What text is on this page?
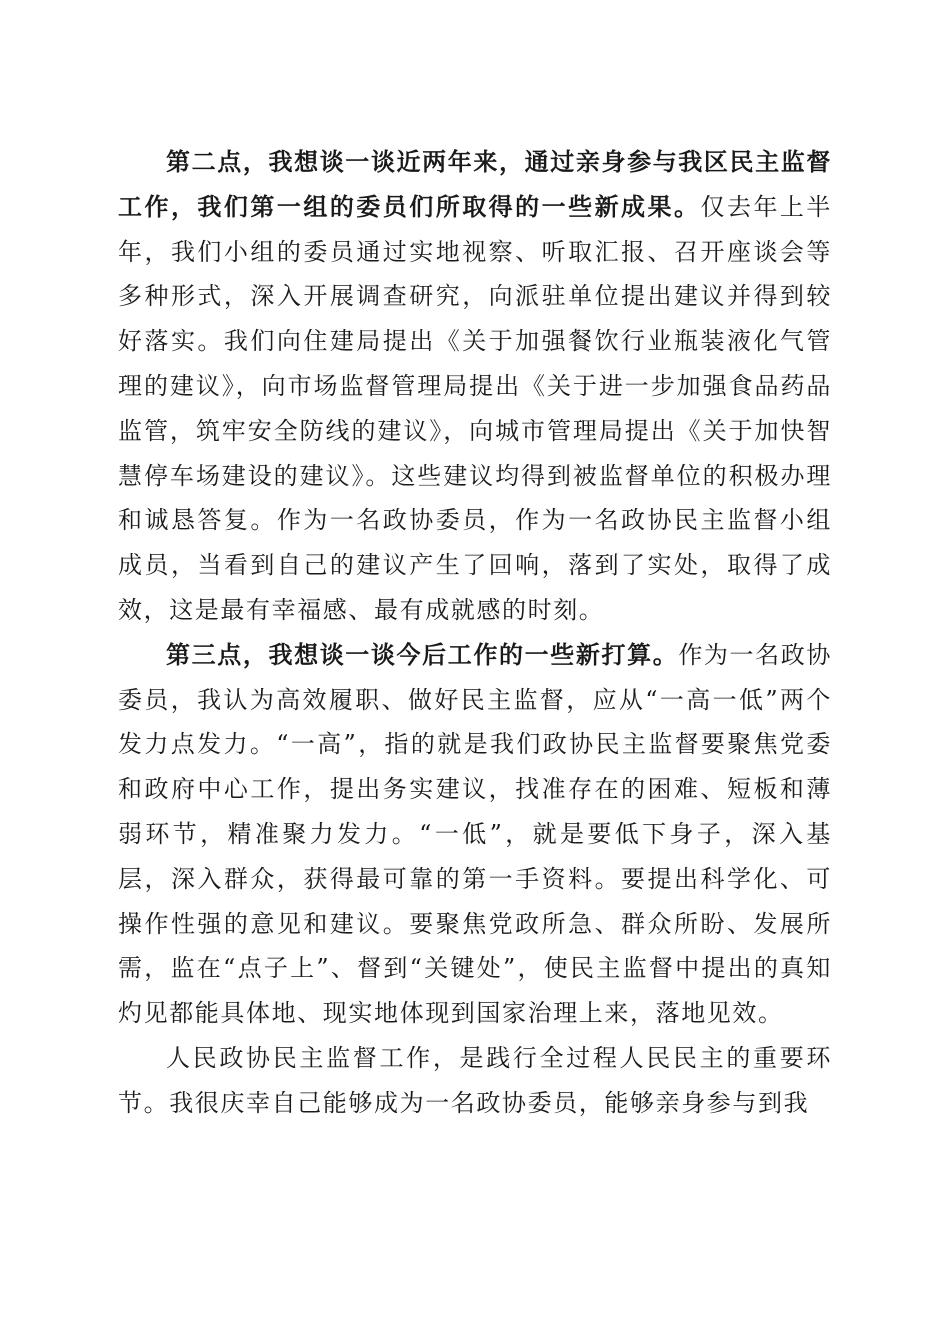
第二点，我想谈一谈近两年来，通过亲身参与我区民主监督工作，我们第一组的委员们所取得的一些新成果。仅去年上半年，我们小组的委员通过实地视察、听取汇报、召开座谈会等多种形式，深入开展调查研究，向派驻单位提出建议并得到较好落实。我们向住建局提出《关于加强餐饮行业瓶装液化气管理的建议》，向市场监督管理局提出《关于进一步加强食品药品监管，筑牢安全防线的建议》，向城市管理局提出《关于加快智慧停车场建设的建议》。这些建议均得到被监督单位的积极办理和诚恳答复。作为一名政协委员，作为一名政协民主监督小组成员，当看到自己的建议产生了回响，落到了实处，取得了成效，这是最有幸福感、最有成就感的时刻。

第三点，我想谈一谈今后工作的一些新打算。作为一名政协委员，我认为高效履职、做好民主监督，应从“一高一低”两个发力点发力。“一高”，指的就是我们政协民主监督要聚焦党委和政府中心工作，提出务实建议，找准存在的困难、短板和薄弱环节，精准聚力发力。“一低”，就是要低下身子，深入基层，深入群众，获得最可靠的第一手资料。要提出科学化、可操作性强的意见和建议。要聚焦党政所急、群众所盼、发展所需，监在“点子上”、督到“关键处”，使民主监督中提出的真知灼见都能具体地、现实地体现到国家治理上来，落地见效。

人民政协民主监督工作，是践行全过程人民民主的重要环节。我很庆幸自己能够成为一名政协委员，能够亲身参与到我
